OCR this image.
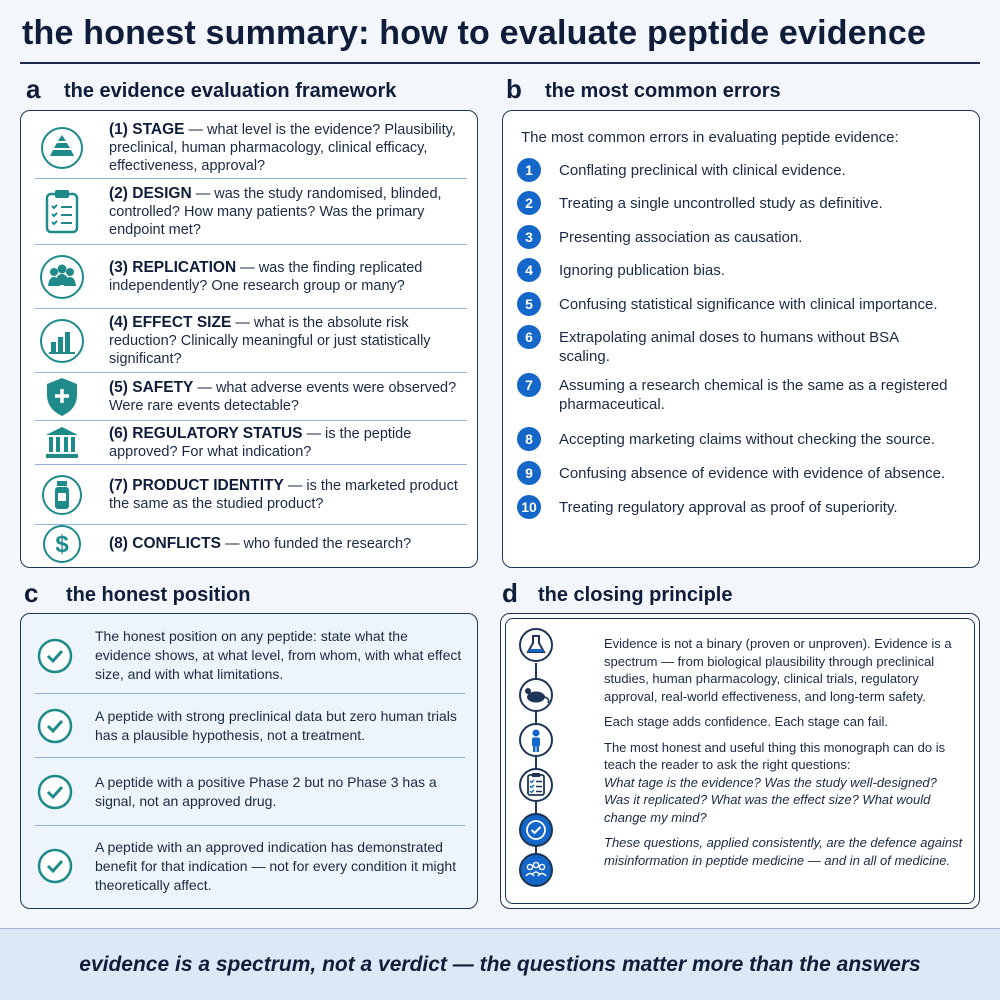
the honest summary: how to evaluate peptide evidence
a the evidence evaluation framework
(1) STAGE — what level is the evidence? Plausibility, preclinical, human pharmacology, clinical efficacy, effectiveness, approval?
(2) DESIGN — was the study randomised, blinded, controlled? How many patients? Was the primary endpoint met?
(3) REPLICATION — was the finding replicated independently? One research group or many?
(4) EFFECT SIZE — what is the absolute risk reduction? Clinically meaningful or just statistically significant?
(5) SAFETY — what adverse events were observed? Were rare events detectable?
(6) REGULATORY STATUS — is the peptide approved? For what indication?
(7) PRODUCT IDENTITY — is the marketed product the same as the studied product?
$	(8) CONFLICTS — who funded the research?
b the most common errors
The most common errors in evaluating peptide evidence:
1	Conflating preclinical with clinical evidence.
2	Treating a single uncontrolled study as definitive.
3	Presenting association as causation.
4	Ignoring publication bias.
5	Confusing statistical significance with clinical importance.
6	Extrapolating animal doses to humans without BSA scaling.
7	Assuming a research chemical is the same as a registered pharmaceutical.
8	Accepting marketing claims without checking the source.
9	Confusing absence of evidence with evidence of absence.
10 Treating regulatory approval as proof of superiority.
c the honest position
The honest position on any peptide: state what the evidence shows, at what level, from whom, with what effect size, and with what limitations.
A peptide with strong preclinical data but zero human trials has a plausible hypothesis, not a treatment.
A peptide with a positive Phase 2 but no Phase 3 has a signal, not an approved drug.
A peptide with an approved indication has demonstrated benefit for that indication — not for every condition it might theoretically affect.
d the closing principle

Evidence is not a binary (proven or unproven). Evidence is a spectrum — from biological plausibility through preclinical studies, human pharmacology, clinical trials, regulatory approval, real-world effectiveness, and long-term safety.

Each stage adds confidence. Each stage can fail.

The most honest and useful thing this monograph can do is teach the reader to ask the right questions:

What tage is the evidence? Was the study well-designed? Was it replicated? What was the effect size? What would change my mind?

These questions, applied consistently, are the defence against misinformation in peptide medicine — and in all of medicine.

evidence is a spectrum, not a verdict — the questions matter more than the answers
